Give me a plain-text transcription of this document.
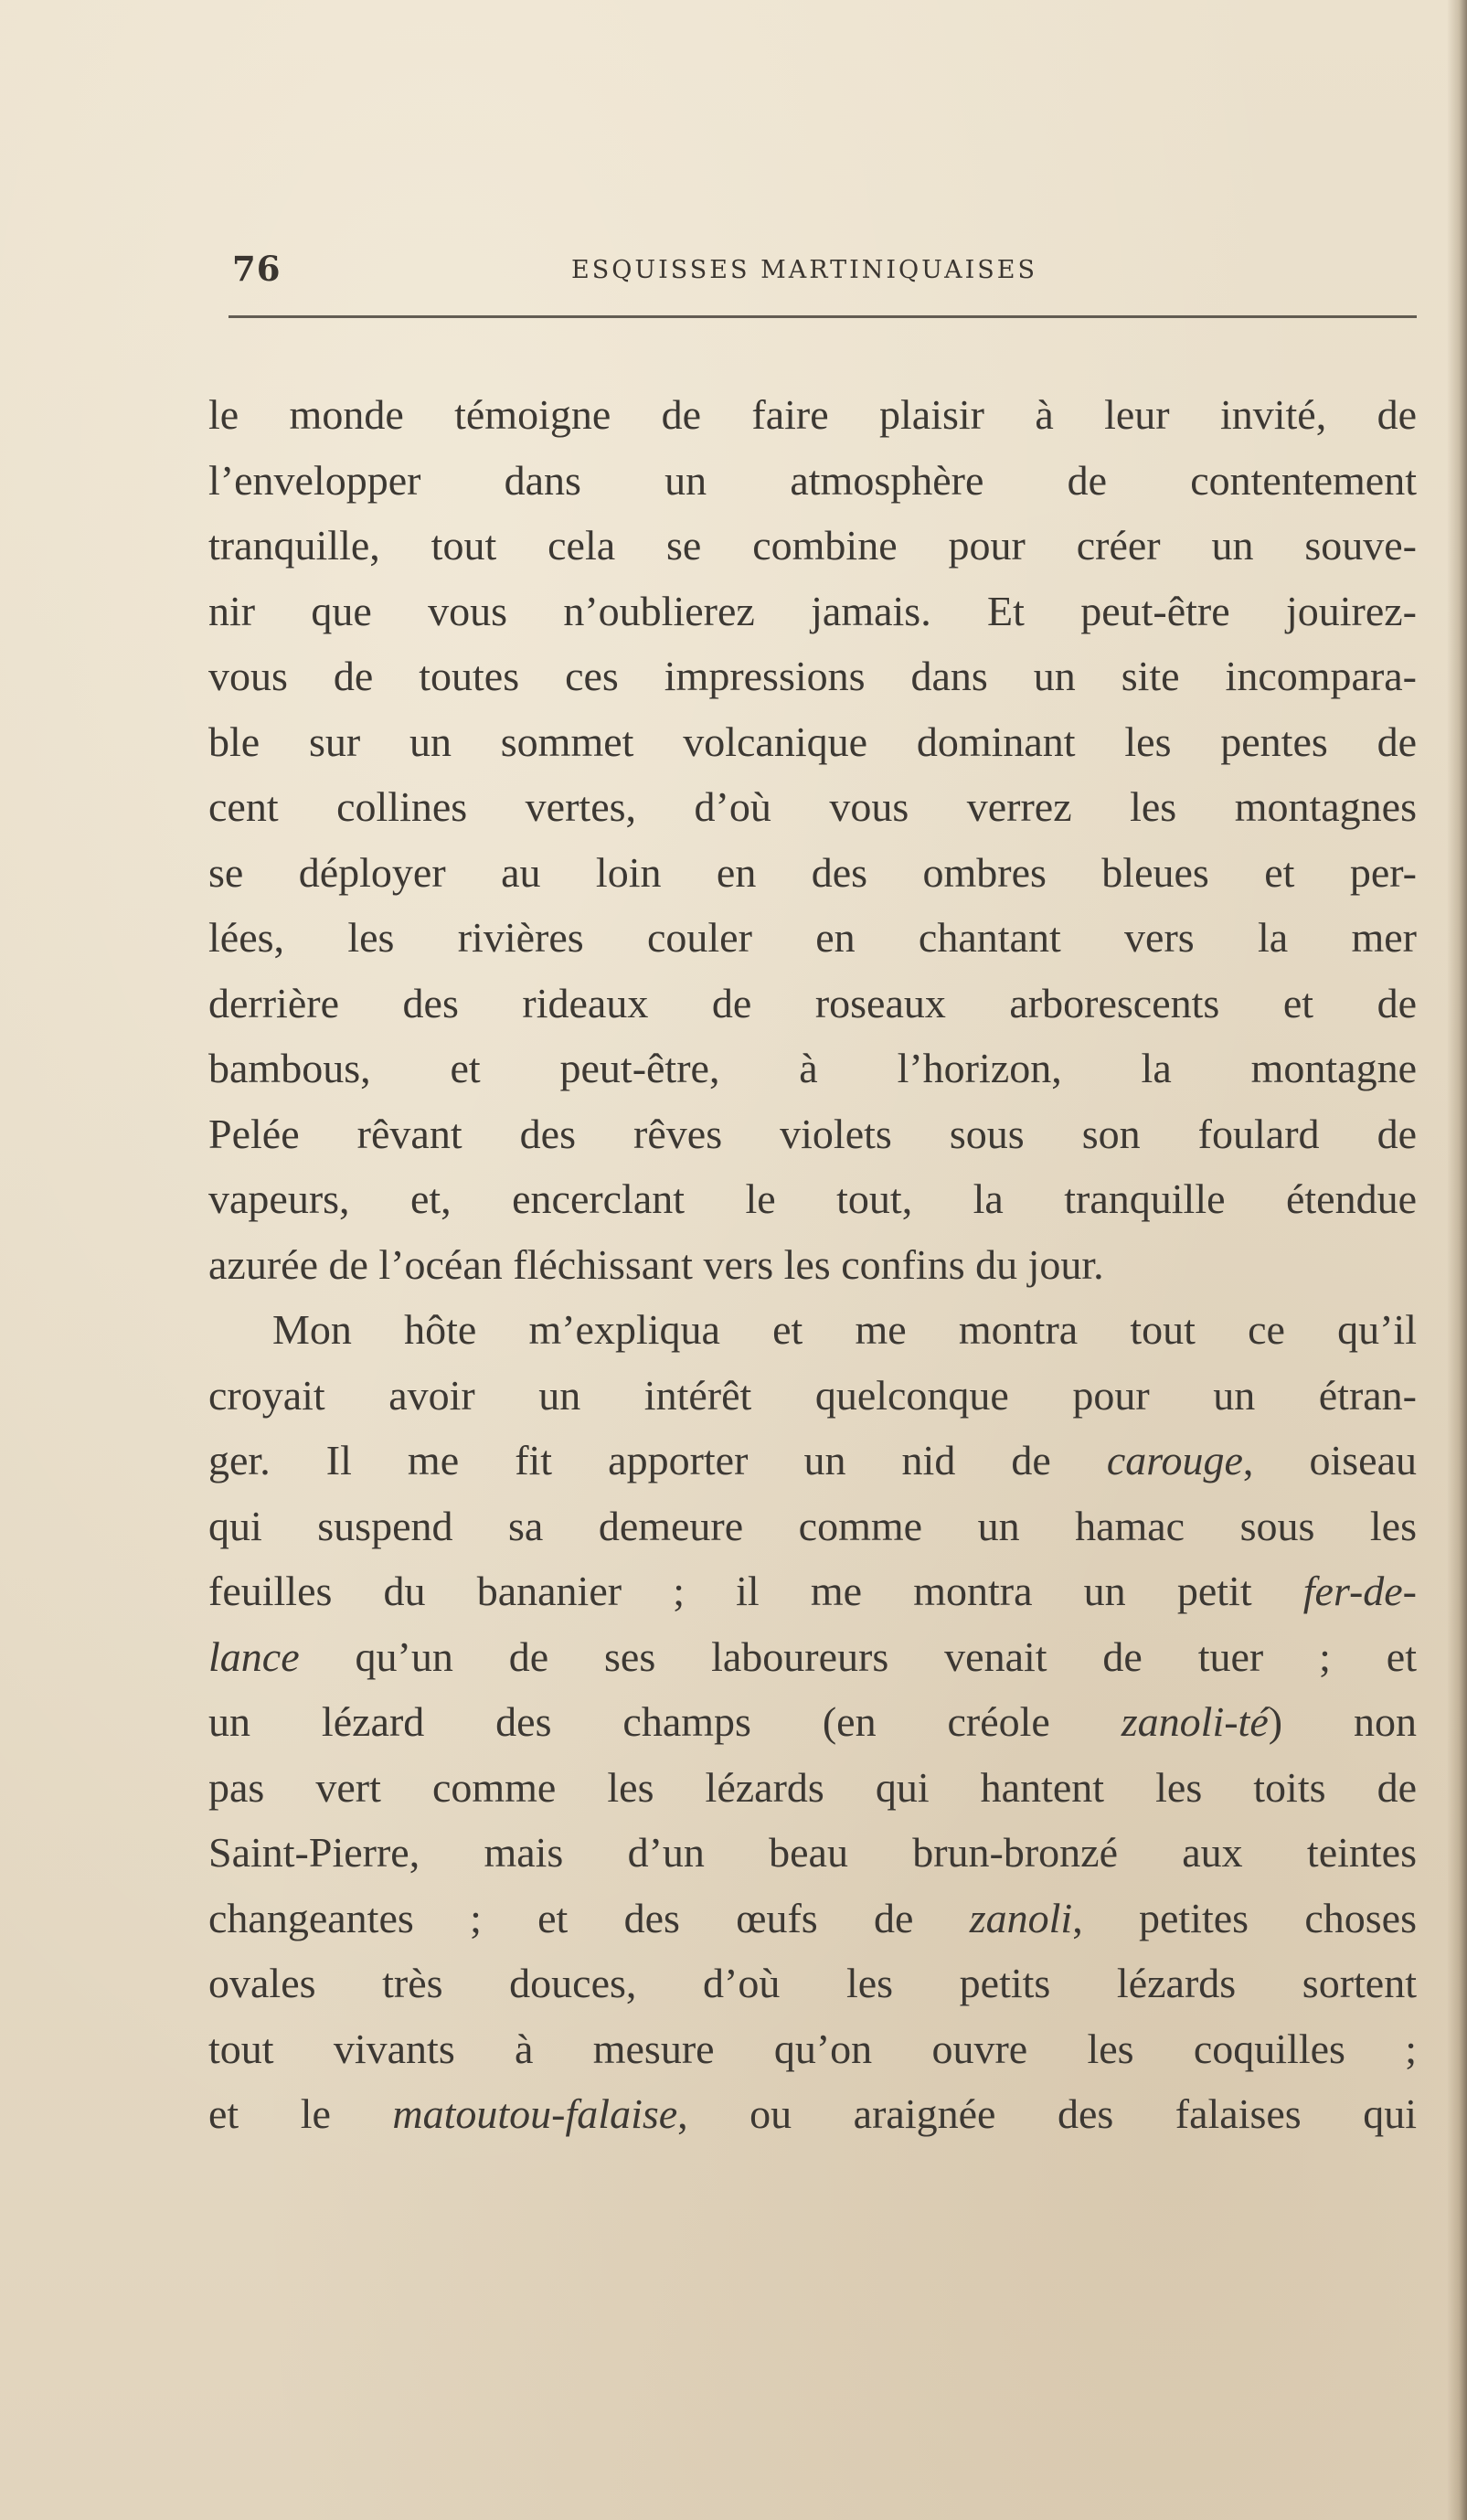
76	ESQUISSES MARTINIQUAISES
le monde témoigne de faire plaisir à leur invité, de
l’envelopper dans un atmosphère de contentement
tranquille, tout cela se combine pour créer un souve-
nir que vous n’oublierez jamais. Et peut-être jouirez-
vous de toutes ces impressions dans un site incompara-
ble sur un sommet volcanique dominant les pentes de
cent collines vertes, d’où vous verrez les montagnes
se déployer au loin en des ombres bleues et per-
lées, les rivières couler en chantant vers la mer
derrière des rideaux de roseaux arborescents et de
bambous, et peut-être, à l’horizon, la montagne
Pelée rêvant des rêves violets sous son foulard de
vapeurs, et, encerclant le tout, la tranquille étendue
azurée de l’océan fléchissant vers les confins du jour.
Mon hôte m’expliqua et me montra tout ce qu’il
croyait avoir un intérêt quelconque pour un étran-
ger. Il me fit apporter un nid de carouge, oiseau
qui suspend sa demeure comme un hamac sous les
feuilles du bananier ; il me montra un petit fer-de-
lance qu’un de ses laboureurs venait de tuer ; et
un lézard des champs (en créole zanoli-té) non
pas vert comme les lézards qui hantent les toits de
Saint-Pierre, mais d’un beau brun-bronzé aux teintes
changeantes ; et des œufs de zanoli, petites choses
ovales très douces, d’où les petits lézards sortent
tout vivants à mesure qu’on ouvre les coquilles ;
et le matoutou-falaise, ou araignée des falaises qui
